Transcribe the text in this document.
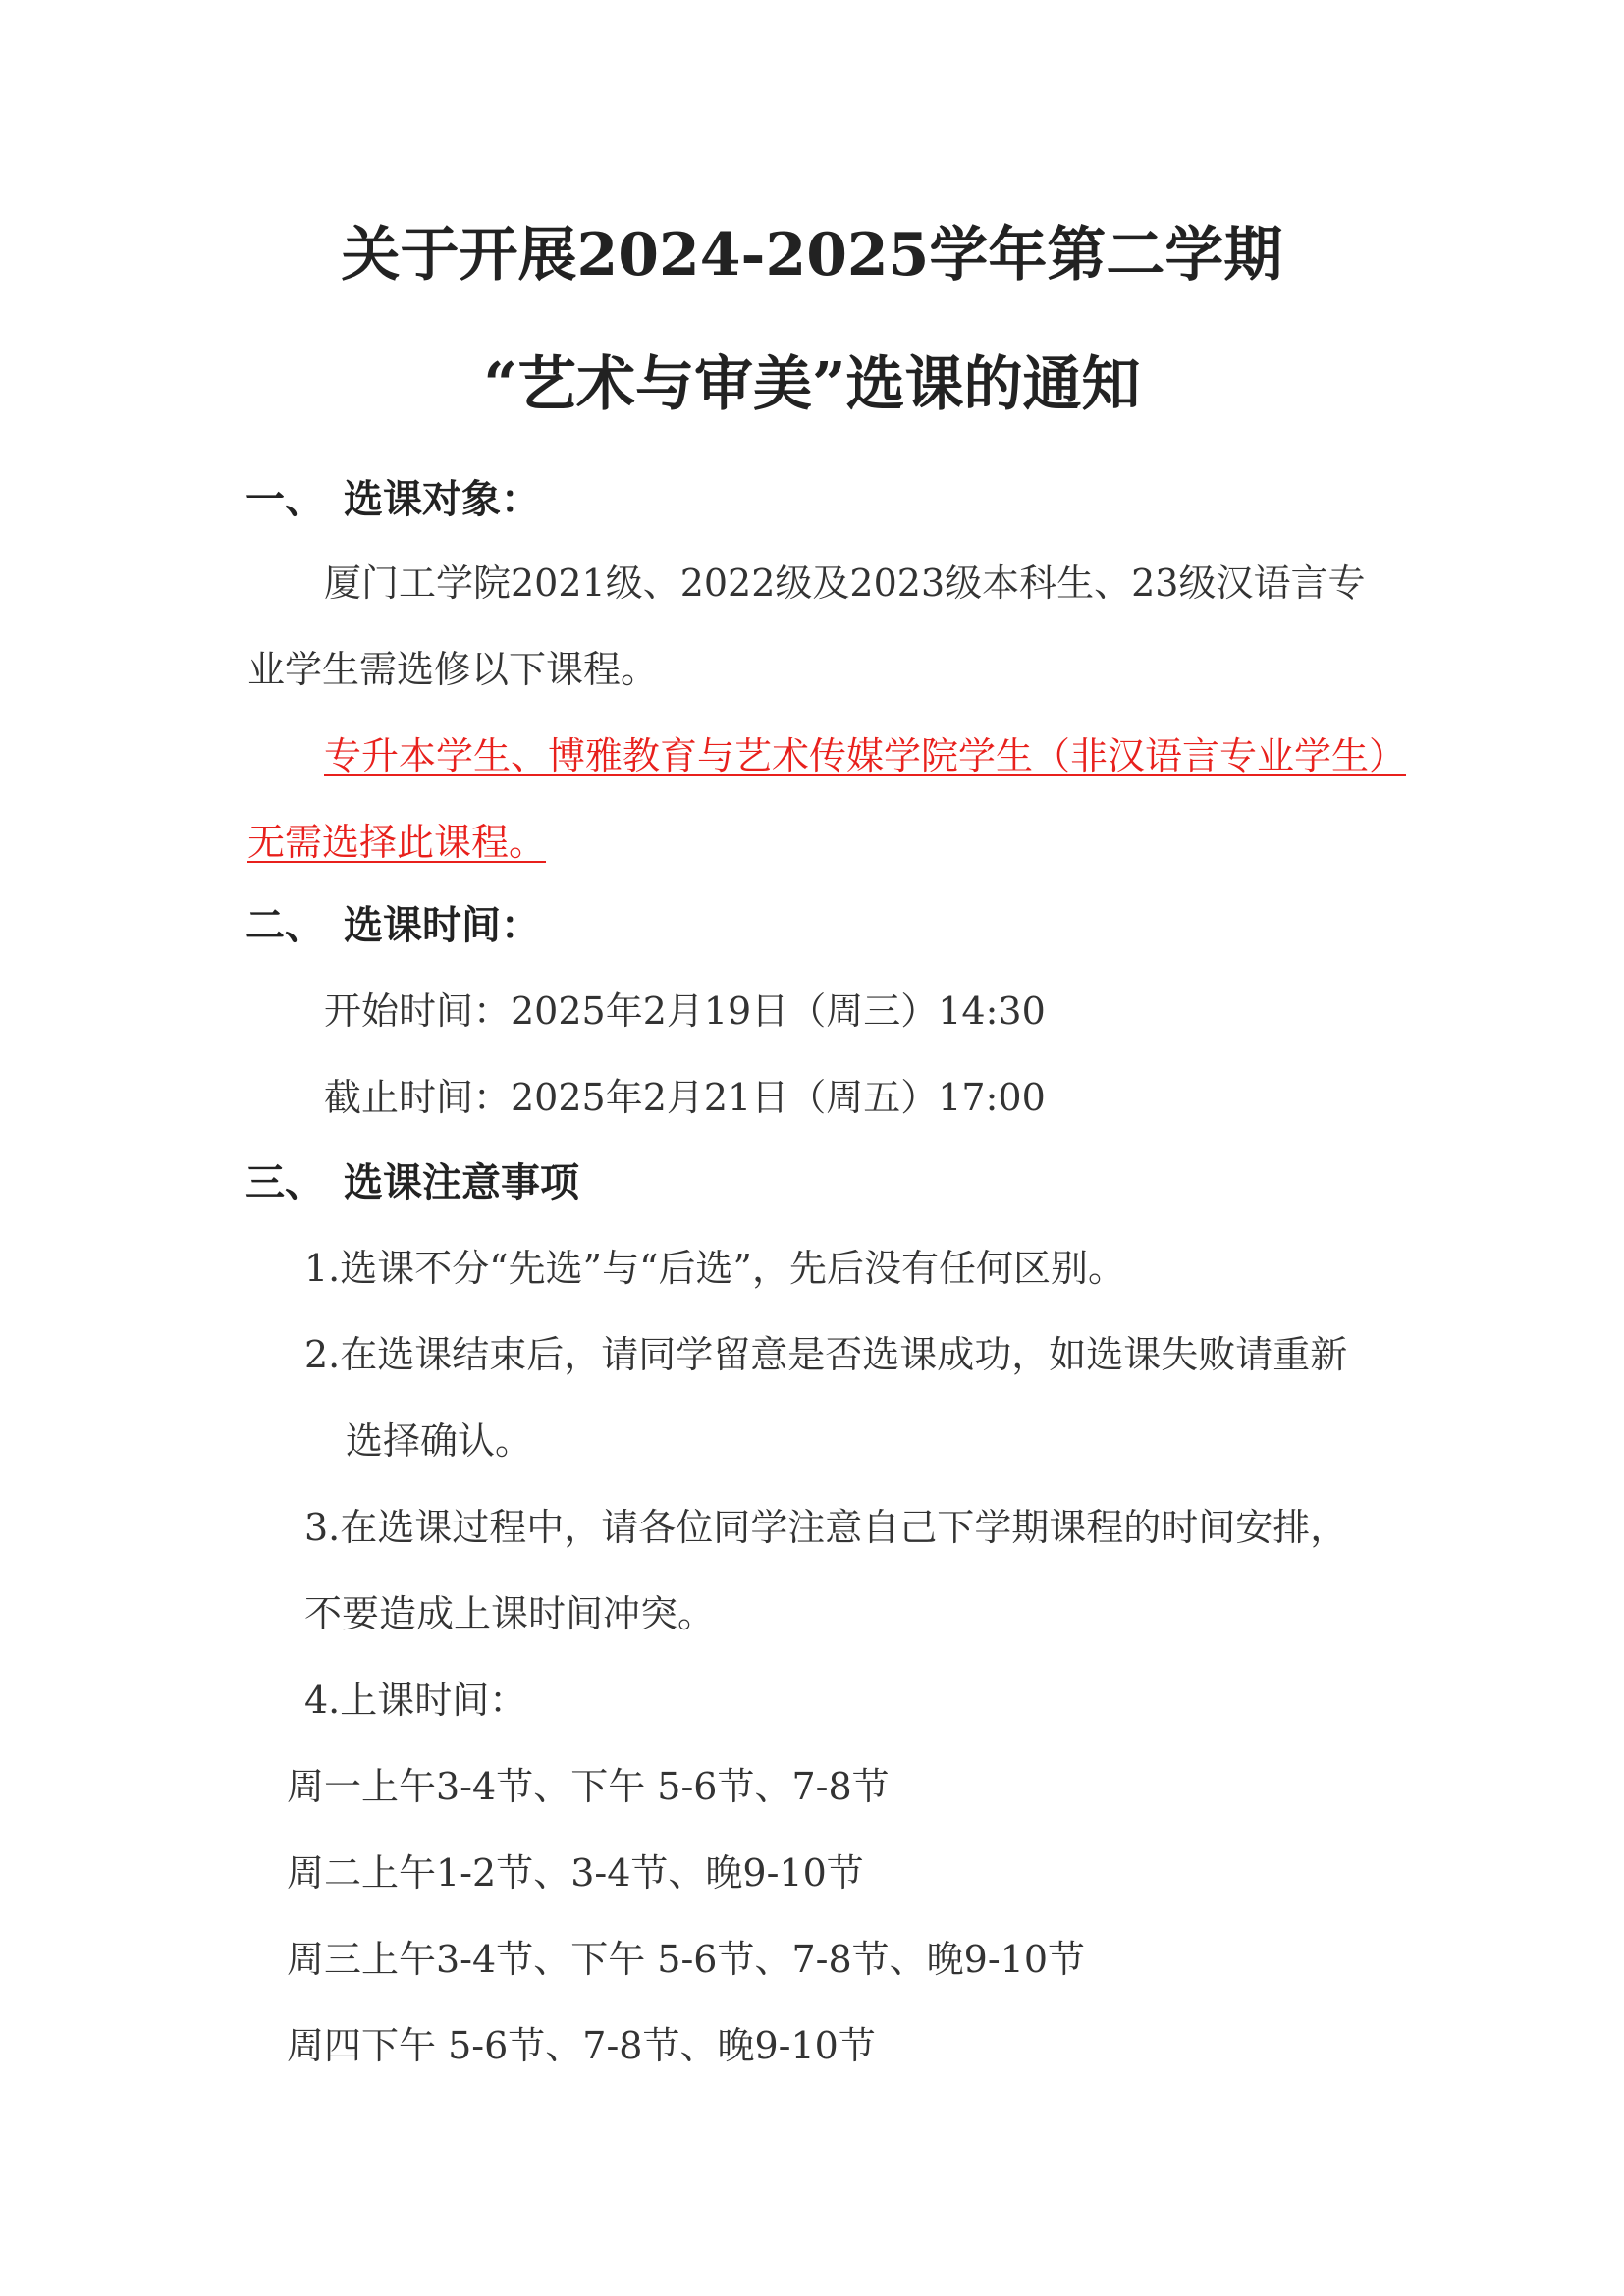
关于开展2024-2025学年第二学期
“艺术与审美”选课的通知
一、 选课对象：
厦门工学院2021级、2022级及2023级本科生、23级汉语言专
业学生需选修以下课程。
专升本学生、博雅教育与艺术传媒学院学生（非汉语言专业学生）
无需选择此课程。
二、 选课时间：
开始时间：2025年2月19日（周三）14:30
截止时间：2025年2月21日（周五）17:00
三、 选课注意事项
1.选课不分“先选”与“后选”，先后没有任何区别。
2.在选课结束后，请同学留意是否选课成功，如选课失败请重新
选择确认。
3.在选课过程中，请各位同学注意自己下学期课程的时间安排，
不要造成上课时间冲突。
4.上课时间：
周一上午3-4节、下午 5-6节、7-8节
周二上午1-2节、3-4节、晚9-10节
周三上午3-4节、下午 5-6节、7-8节、晚9-10节
周四下午 5-6节、7-8节、晚9-10节
